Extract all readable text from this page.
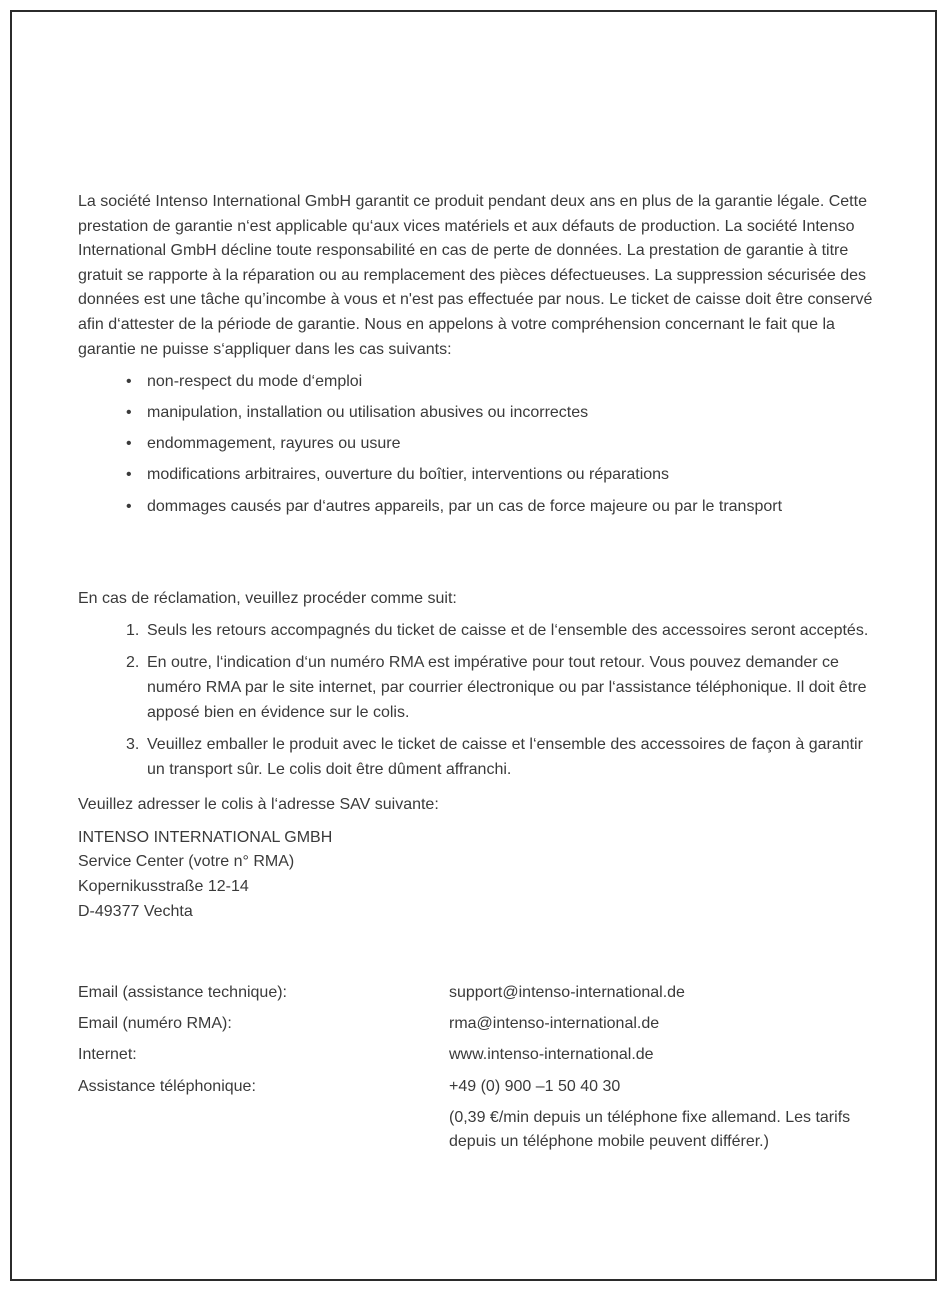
La société Intenso International GmbH garantit ce produit pendant deux ans en plus de la garantie légale. Cette prestation de garantie n‘est applicable qu‘aux vices matériels et aux défauts de production. La société Intenso International GmbH décline toute responsabilité en cas de perte de données. La prestation de garantie à titre gratuit se rapporte à la réparation ou au remplacement des pièces défectueuses. La suppression sécurisée des données est une tâche qu’incombe à vous et n'est pas effectuée par nous. Le ticket de caisse doit être conservé afin d‘attester de la période de garantie. Nous en appelons à votre compréhension concernant le fait que la garantie ne puisse s‘appliquer dans les cas suivants:

• non-respect du mode d‘emploi
• manipulation, installation ou utilisation abusives ou incorrectes
• endommagement, rayures ou usure
• modifications arbitraires, ouverture du boîtier, interventions ou réparations
• dommages causés par d‘autres appareils, par un cas de force majeure ou par le transport

En cas de réclamation, veuillez procéder comme suit:

1. Seuls les retours accompagnés du ticket de caisse et de l‘ensemble des accessoires seront acceptés.
2. En outre, l‘indication d‘un numéro RMA est impérative pour tout retour. Vous pouvez demander ce numéro RMA par le site internet, par courrier électronique ou par l‘assistance téléphonique. Il doit être apposé bien en évidence sur le colis.
3. Veuillez emballer le produit avec le ticket de caisse et l‘ensemble des accessoires de façon à garantir un transport sûr. Le colis doit être dûment affranchi.

Veuillez adresser le colis à l‘adresse SAV suivante:

INTENSO INTERNATIONAL GMBH
Service Center (votre n° RMA)
Kopernikusstraße 12-14
D-49377 Vechta
Email (assistance technique):	support@intenso-international.de
Email (numéro RMA):	rma@intenso-international.de
Internet:	www.intenso-international.de
Assistance téléphonique:	+49 (0) 900 –1 50 40 30
(0,39 €/min depuis un téléphone fixe allemand. Les tarifs depuis un téléphone mobile peuvent différer.)
